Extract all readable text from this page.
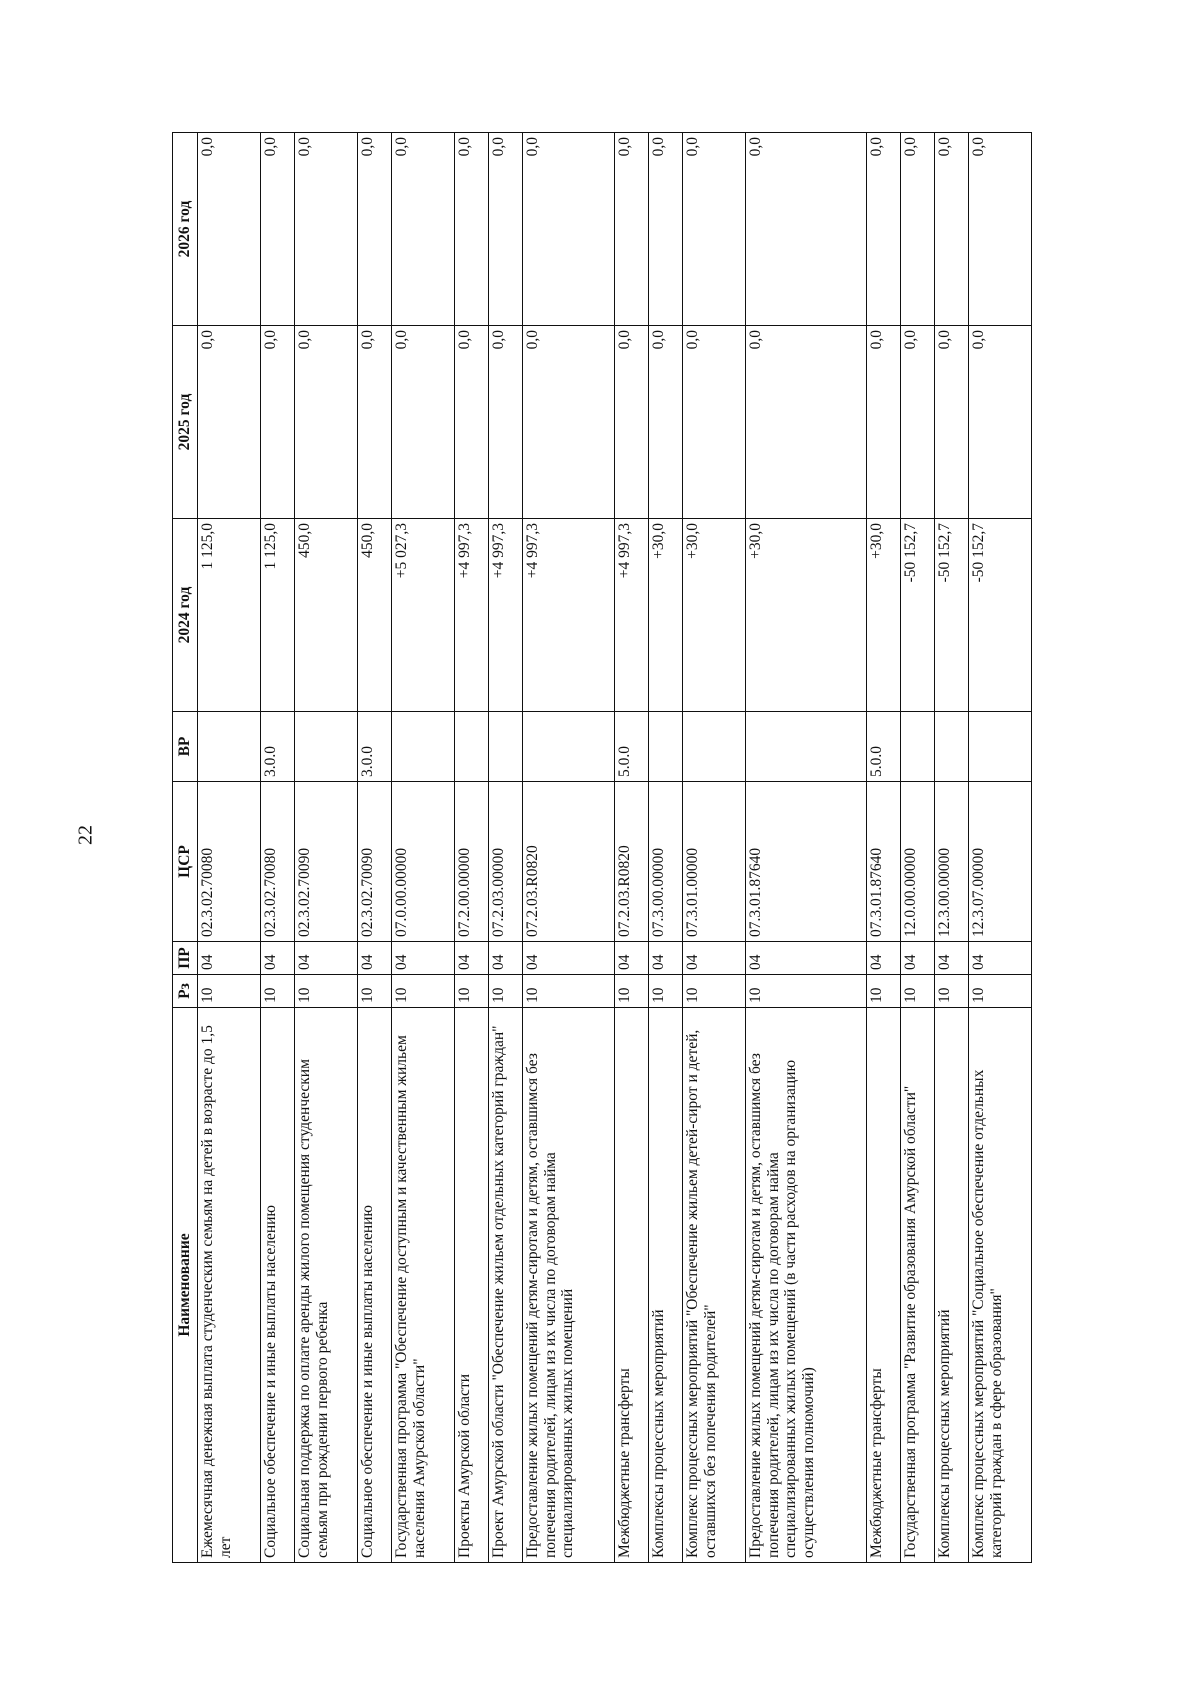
22
Наименование	Рз	ПР	ЦСР	ВР	2024 год	2025 год	2026 год
Ежемесячная денежная выплата студенческим семьям на детей в возрасте до 1,5 лет	10	04	02.3.02.70080		1 125,0	0,0	0,0
Социальное обеспечение и иные выплаты населению	10	04	02.3.02.70080	3.0.0	1 125,0	0,0	0,0
Социальная поддержка по оплате аренды жилого помещения студенческим семьям при рождении первого ребенка	10	04	02.3.02.70090		450,0	0,0	0,0
Социальное обеспечение и иные выплаты населению	10	04	02.3.02.70090	3.0.0	450,0	0,0	0,0
Государственная программа "Обеспечение доступным и качественным жильем населения Амурской области"	10	04	07.0.00.00000		+5 027,3	0,0	0,0
Проекты Амурской области	10	04	07.2.00.00000		+4 997,3	0,0	0,0
Проект Амурской области "Обеспечение жильем отдельных категорий граждан"	10	04	07.2.03.00000		+4 997,3	0,0	0,0
Предоставление жилых помещений детям-сиротам и детям, оставшимся без попечения родителей, лицам из их числа по договорам найма специализированных жилых помещений	10	04	07.2.03.R0820		+4 997,3	0,0	0,0
Межбюджетные трансферты	10	04	07.2.03.R0820	5.0.0	+4 997,3	0,0	0,0
Комплексы процессных мероприятий	10	04	07.3.00.00000		+30,0	0,0	0,0
Комплекс процессных мероприятий "Обеспечение жильем детей-сирот и детей, оставшихся без попечения родителей"	10	04	07.3.01.00000		+30,0	0,0	0,0
Предоставление жилых помещений детям-сиротам и детям, оставшимся без попечения родителей, лицам из их числа по договорам найма специализированных жилых помещений (в части расходов на организацию осуществления полномочий)	10	04	07.3.01.87640		+30,0	0,0	0,0
Межбюджетные трансферты	10	04	07.3.01.87640	5.0.0	+30,0	0,0	0,0
Государственная программа "Развитие образования Амурской области"	10	04	12.0.00.00000		-50 152,7	0,0	0,0
Комплексы процессных мероприятий	10	04	12.3.00.00000		-50 152,7	0,0	0,0
Комплекс процессных мероприятий "Социальное обеспечение отдельных категорий граждан в сфере образования"	10	04	12.3.07.00000		-50 152,7	0,0	0,0
